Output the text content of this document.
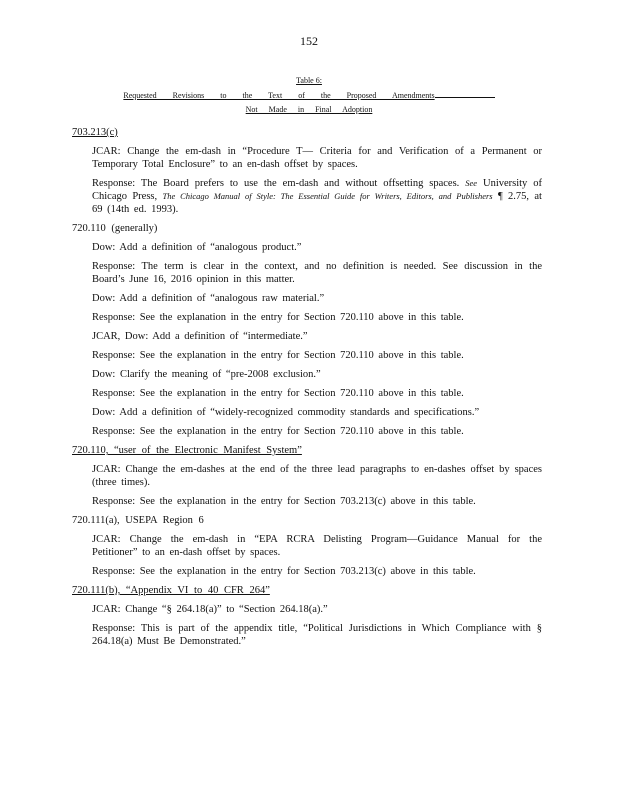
152
Table 6:
Requested Revisions to the Text of the Proposed Amendments
Not Made in Final Adoption
703.213(c)
JCAR: Change the em-dash in “Procedure T— Criteria for and Verification of a Permanent or Temporary Total Enclosure” to an en-dash offset by spaces.
Response: The Board prefers to use the em-dash and without offsetting spaces. See University of Chicago Press, The Chicago Manual of Style: The Essential Guide for Writers, Editors, and Publishers ¶ 2.75, at 69 (14th ed. 1993).
720.110 (generally)
Dow: Add a definition of “analogous product.”
Response: The term is clear in the context, and no definition is needed. See discussion in the Board’s June 16, 2016 opinion in this matter.
Dow: Add a definition of “analogous raw material.”
Response: See the explanation in the entry for Section 720.110 above in this table.
JCAR, Dow: Add a definition of “intermediate.”
Response: See the explanation in the entry for Section 720.110 above in this table.
Dow: Clarify the meaning of “pre-2008 exclusion.”
Response: See the explanation in the entry for Section 720.110 above in this table.
Dow: Add a definition of “widely-recognized commodity standards and specifications.”
Response: See the explanation in the entry for Section 720.110 above in this table.
720.110, “user of the Electronic Manifest System”
JCAR: Change the em-dashes at the end of the three lead paragraphs to en-dashes offset by spaces (three times).
Response: See the explanation in the entry for Section 703.213(c) above in this table.
720.111(a), USEPA Region 6
JCAR: Change the em-dash in “EPA RCRA Delisting Program—Guidance Manual for the Petitioner” to an en-dash offset by spaces.
Response: See the explanation in the entry for Section 703.213(c) above in this table.
720.111(b), “Appendix VI to 40 CFR 264”
JCAR: Change “§ 264.18(a)” to “Section 264.18(a).”
Response: This is part of the appendix title, “Political Jurisdictions in Which Compliance with § 264.18(a) Must Be Demonstrated.”
